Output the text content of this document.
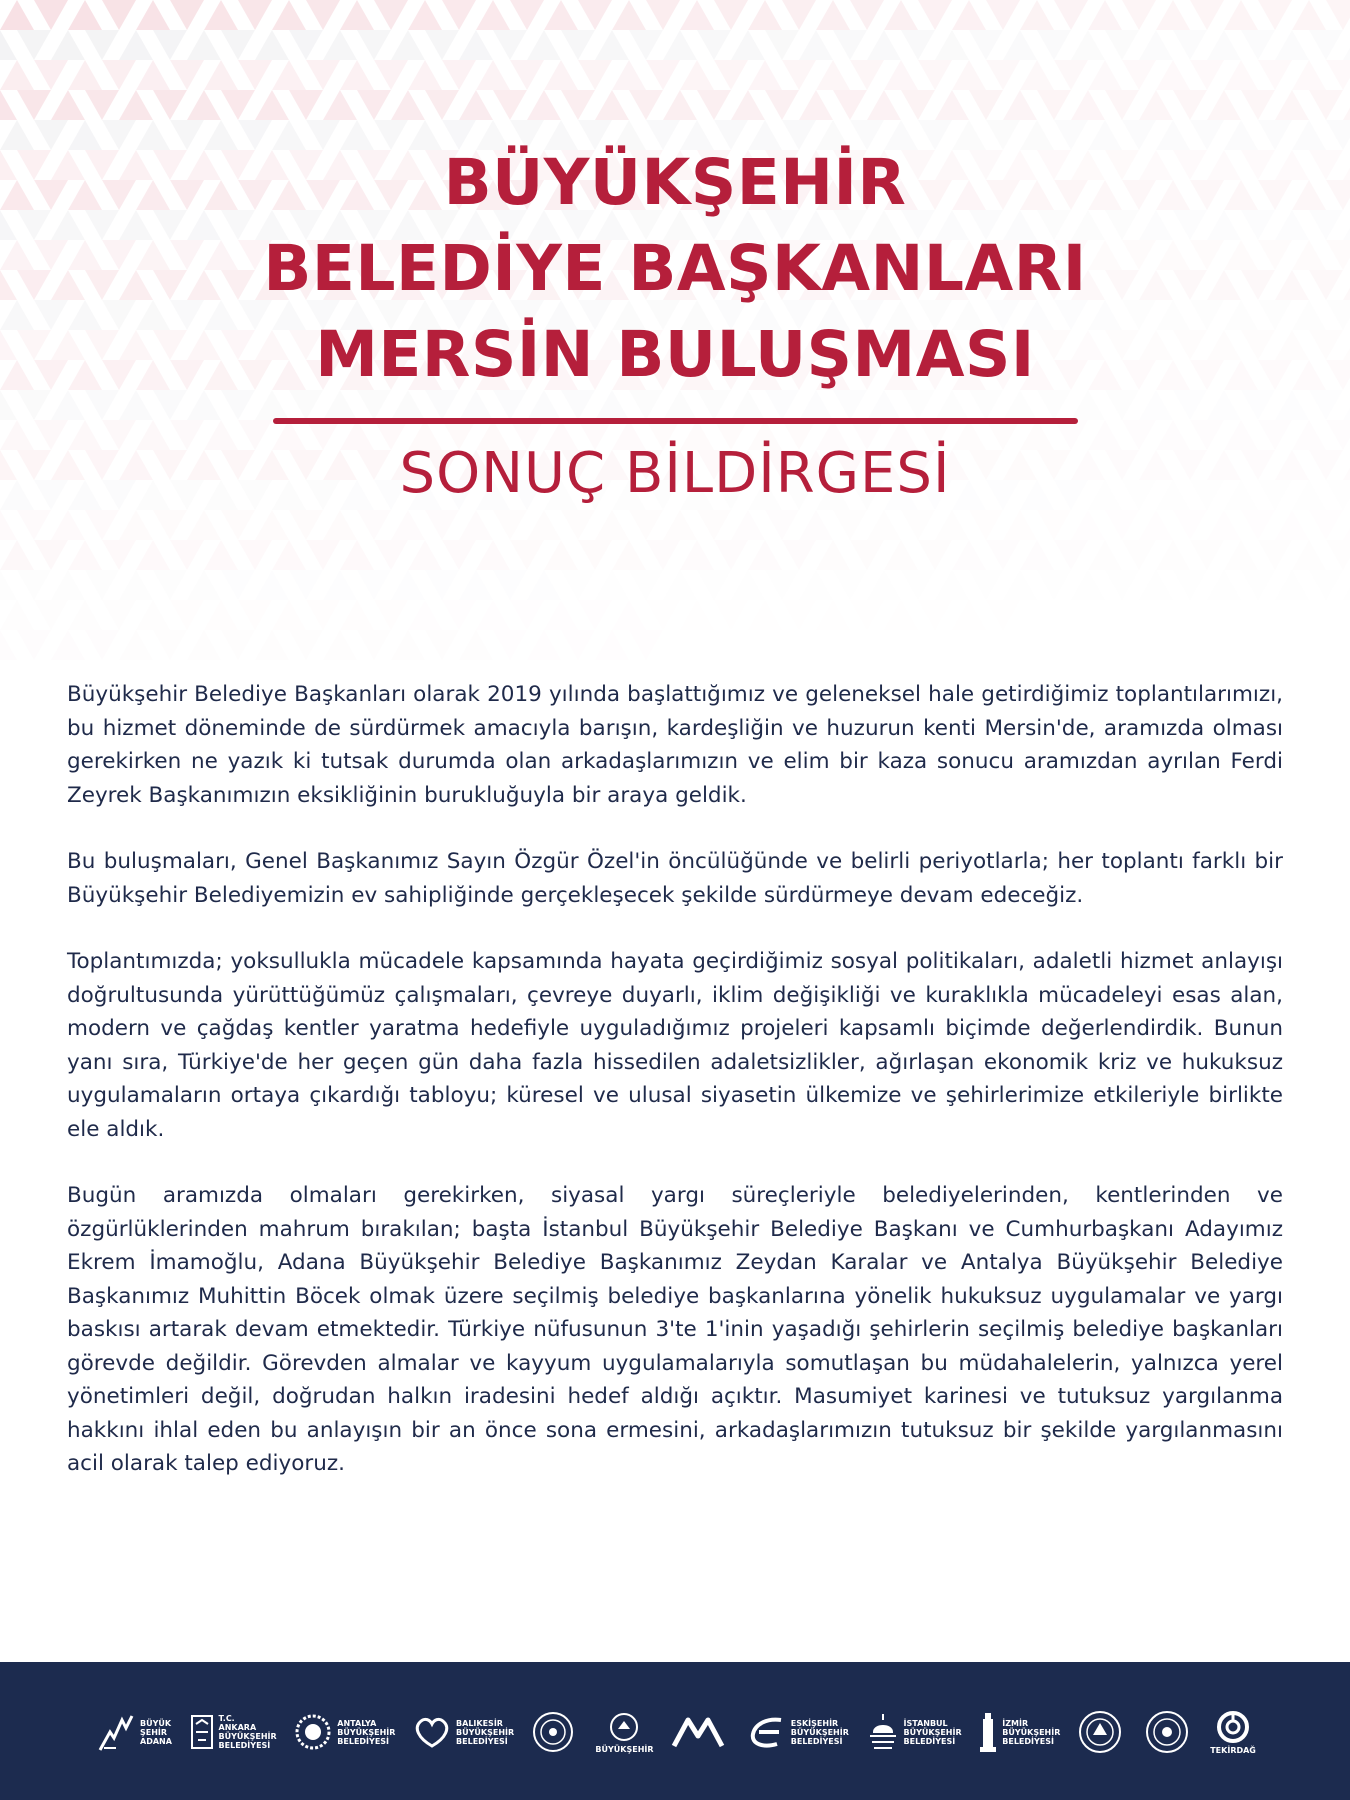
BÜYÜKŞEHİR
BELEDİYE BAŞKANLARI
MERSİN BULUŞMASI
SONUÇ BİLDİRGESİ

Büyükşehir Belediye Başkanları olarak 2019 yılında başlattığımız ve geleneksel hale getirdiğimiz toplantılarımızı, bu hizmet döneminde de sürdürmek amacıyla barışın, kardeşliğin ve huzurun kenti Mersin'de, aramızda olması gerekirken ne yazık ki tutsak durumda olan arkadaşlarımızın ve elim bir kaza sonucu aramızdan ayrılan Ferdi Zeyrek Başkanımızın eksikliğinin burukluğuyla bir araya geldik.

Bu buluşmaları, Genel Başkanımız Sayın Özgür Özel'in öncülüğünde ve belirli periyotlarla; her toplantı farklı bir Büyükşehir Belediyemizin ev sahipliğinde gerçekleşecek şekilde sürdürmeye devam edeceğiz.

Toplantımızda; yoksullukla mücadele kapsamında hayata geçirdiğimiz sosyal politikaları, adaletli hizmet anlayışı doğrultusunda yürüttüğümüz çalışmaları, çevreye duyarlı, iklim değişikliği ve kuraklıkla mücadeleyi esas alan, modern ve çağdaş kentler yaratma hedefiyle uyguladığımız projeleri kapsamlı biçimde değerlendirdik. Bunun yanı sıra, Türkiye'de her geçen gün daha fazla hissedilen adaletsizlikler, ağırlaşan ekonomik kriz ve hukuksuz uygulamaların ortaya çıkardığı tabloyu; küresel ve ulusal siyasetin ülkemize ve şehirlerimize etkileriyle birlikte ele aldık.

Bugün aramızda olmaları gerekirken, siyasal yargı süreçleriyle belediyelerinden, kentlerinden ve özgürlüklerinden mahrum bırakılan; başta İstanbul Büyükşehir Belediye Başkanı ve Cumhurbaşkanı Adayımız Ekrem İmamoğlu, Adana Büyükşehir Belediye Başkanımız Zeydan Karalar ve Antalya Büyükşehir Belediye Başkanımız Muhittin Böcek olmak üzere seçilmiş belediye başkanlarına yönelik hukuksuz uygulamalar ve yargı baskısı artarak devam etmektedir. Türkiye nüfusunun 3'te 1'inin yaşadığı şehirlerin seçilmiş belediye başkanları görevde değildir. Görevden almalar ve kayyum uygulamalarıyla somutlaşan bu müdahalelerin, yalnızca yerel yönetimleri değil, doğrudan halkın iradesini hedef aldığı açıktır. Masumiyet karinesi ve tutuksuz yargılanma hakkını ihlal eden bu anlayışın bir an önce sona ermesini, arkadaşlarımızın tutuksuz bir şekilde yargılanmasını acil olarak talep ediyoruz.

BÜYÜK
ŞEHİR
ADANA
T.C.
ANKARA
BÜYÜKŞEHİR
BELEDİYESİ
ANTALYA
BÜYÜKŞEHİR
BELEDİYESİ
BALIKESİR
BÜYÜKŞEHİR
BELEDİYESİ
BÜYÜKŞEHİR
ESKİŞEHİR
BÜYÜKŞEHİR
BELEDİYESİ
İSTANBUL
BÜYÜKŞEHİR
BELEDİYESİ
İZMİR
BÜYÜKŞEHİR
BELEDİYESİ
TEKİRDAĞ
